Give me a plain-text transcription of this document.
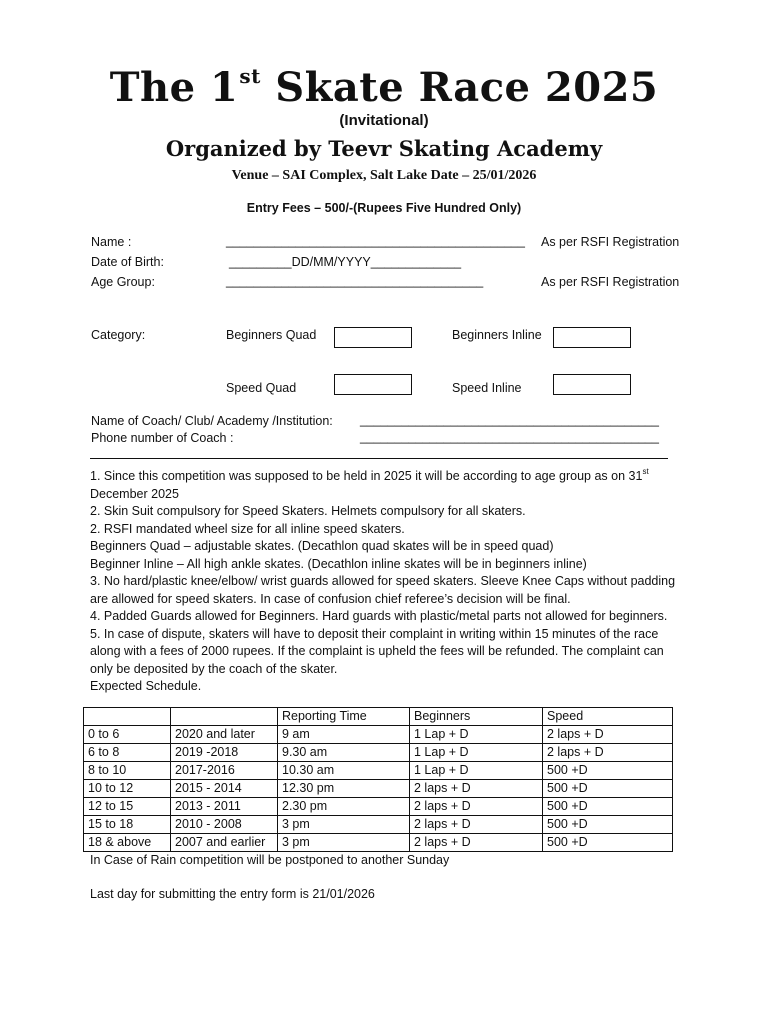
The 1st Skate Race 2025
(Invitational)
Organized by Teevr Skating Academy
Venue – SAI Complex, Salt Lake Date – 25/01/2026
Entry Fees – 500/-(Rupees Five Hundred Only)
Name :	___________________________________________ As per RSFI Registration
Date of Birth:	_________DD/MM/YYYY_____________
Age Group:	_____________________________________	As per RSFI Registration
Category:	Beginners Quad	Beginners Inline
Speed Quad	Speed Inline
Name of Coach/ Club/ Academy /Institution: ___________________________________________
Phone number of Coach :	___________________________________________

1. Since this competition was supposed to be held in 2025 it will be according to age group as on 31st

December 2025

2. Skin Suit compulsory for Speed Skaters. Helmets compulsory for all skaters.

2. RSFI mandated wheel size for all inline speed skaters.

Beginners Quad – adjustable skates. (Decathlon quad skates will be in speed quad)

Beginner Inline – All high ankle skates. (Decathlon inline skates will be in beginners inline)

3. No hard/plastic knee/elbow/ wrist guards allowed for speed skaters. Sleeve Knee Caps without padding are allowed for speed skaters. In case of confusion chief referee’s decision will be final.

4. Padded Guards allowed for Beginners. Hard guards with plastic/metal parts not allowed for beginners.

5. In case of dispute, skaters will have to deposit their complaint in writing within 15 minutes of the race along with a fees of 2000 rupees. If the complaint is upheld the fees will be refunded. The complaint can only be deposited by the coach of the skater.

Expected Schedule.

		Reporting Time	Beginners	Speed
0 to 6	2020 and later	9 am	1 Lap + D	2 laps + D
6 to 8	2019 -2018	9.30 am	1 Lap + D	2 laps + D
8 to 10	2017-2016	10.30 am	1 Lap + D	500 +D
10 to 12	2015 - 2014	12.30 pm	2 laps + D	500 +D
12 to 15	2013 - 2011	2.30 pm	2 laps + D	500 +D
15 to 18	2010 - 2008	3 pm	2 laps + D	500 +D
18 & above	2007 and earlier	3 pm	2 laps + D	500 +D
In Case of Rain competition will be postponed to another Sunday
Last day for submitting the entry form is 21/01/2026
